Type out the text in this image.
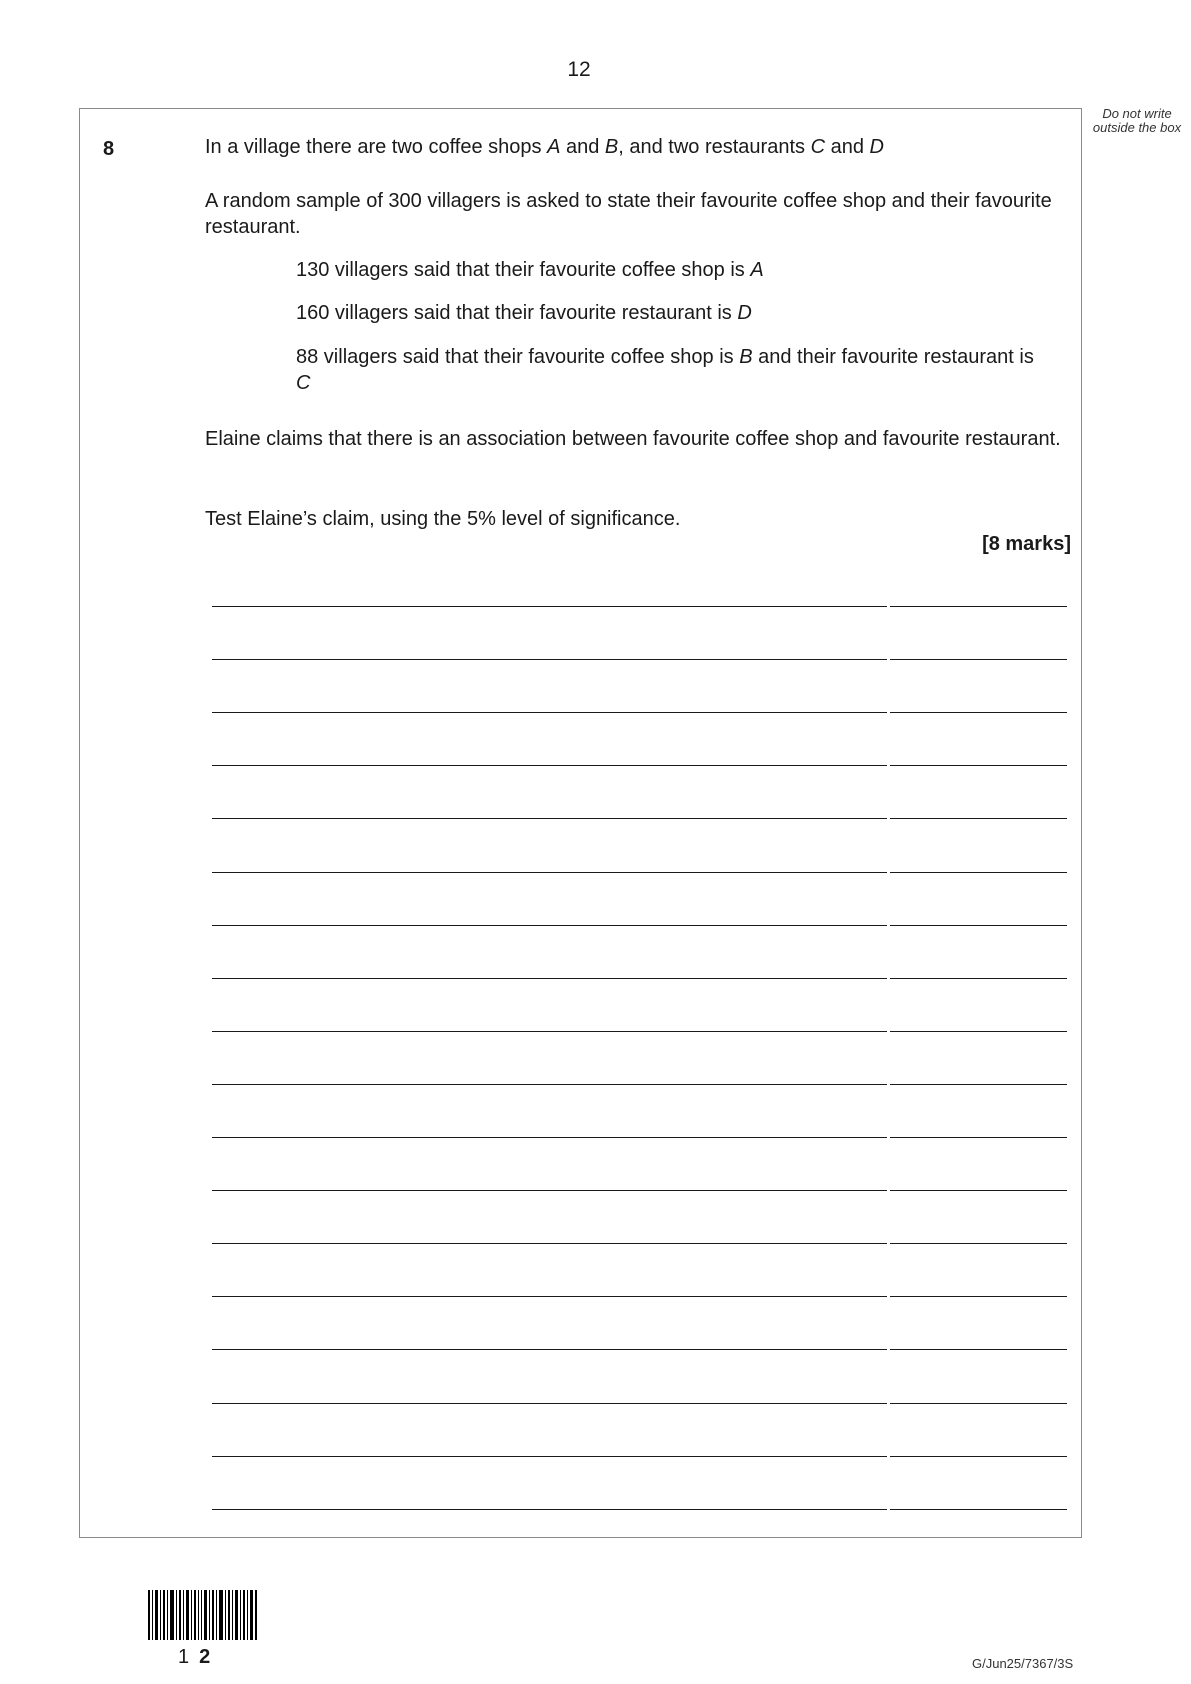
12
Do not write outside the box
8	In a village there are two coffee shops A and B, and two restaurants C and D

A random sample of 300 villagers is asked to state their favourite coffee shop and their favourite restaurant.

130 villagers said that their favourite coffee shop is A

160 villagers said that their favourite restaurant is D

88 villagers said that their favourite coffee shop is B and their favourite restaurant is C

Elaine claims that there is an association between favourite coffee shop and favourite restaurant.

Test Elaine’s claim, using the 5% level of significance.

[8 marks]
12	G/Jun25/7367/3S
